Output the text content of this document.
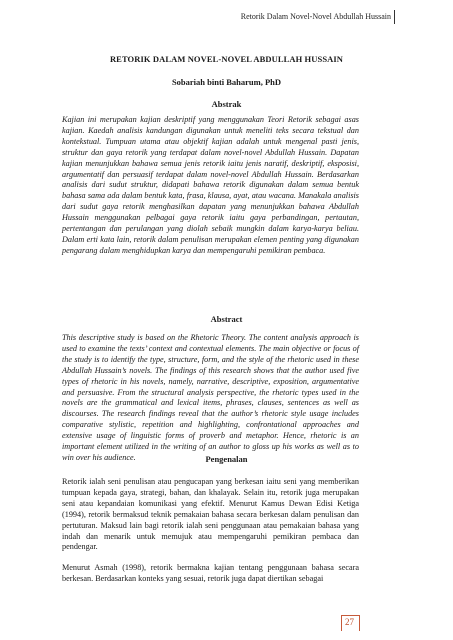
Retorik Dalam Novel-Novel Abdullah Hussain
RETORIK DALAM NOVEL-NOVEL ABDULLAH HUSSAIN
Sobariah binti Baharum, PhD
Abstrak

Kajian ini merupakan kajian deskriptif yang menggunakan Teori Retorik sebagai asas kajian. Kaedah analisis kandungan digunakan untuk meneliti teks secara tekstual dan kontekstual. Tumpuan utama atau objektif kajian adalah untuk mengenal pasti jenis, struktur dan gaya retorik yang terdapat dalam novel-novel Abdullah Hussain. Dapatan kajian menunjukkan bahawa semua jenis retorik iaitu jenis naratif, deskriptif, eksposisi, argumentatif dan persuasif terdapat dalam novel-novel Abdullah Hussain. Berdasarkan analisis dari sudut struktur, didapati bahawa retorik digunakan dalam semua bentuk bahasa sama ada dalam bentuk kata, frasa, klausa, ayat, atau wacana. Manakala analisis dari sudut gaya retorik menghasilkan dapatan yang menunjukkan bahawa Abdullah Hussain menggunakan pelbagai gaya retorik iaitu gaya perbandingan, pertautan, pertentangan dan perulangan yang diolah sebaik mungkin dalam karya-karya beliau. Dalam erti kata lain, retorik dalam penulisan merupakan elemen penting yang digunakan pengarang dalam menghidupkan karya dan mempengaruhi pemikiran pembaca.

Abstract

This descriptive study is based on the Rhetoric Theory. The content analysis approach is used to examine the texts’ context and contextual elements. The main objective or focus of the study is to identify the type, structure, form, and the style of the rhetoric used in these Abdullah Hussain’s novels. The findings of this research shows that the author used five types of rhetoric in his novels, namely, narrative, descriptive, exposition, argumentative and persuasive. From the structural analysis perspective, the rhetoric types used in the novels are the grammatical and lexical items, phrases, clauses, sentences as well as discourses. The research findings reveal that the author’s rhetoric style usage includes comparative stylistic, repetition and highlighting, confrontational approaches and extensive usage of linguistic forms of proverb and metaphor. Hence, rhetoric is an important element utilized in the writing of an author to gloss up his works as well as to win over his audience.	Pengenalan

Retorik ialah seni penulisan atau pengucapan yang berkesan iaitu seni yang memberikan tumpuan kepada gaya, strategi, bahan, dan khalayak. Selain itu, retorik juga merupakan seni atau kepandaian komunikasi yang efektif. Menurut Kamus Dewan Edisi Ketiga (1994), retorik bermaksud teknik pemakaian bahasa secara berkesan dalam penulisan dan pertuturan. Maksud lain bagi retorik ialah seni penggunaan atau pemakaian bahasa yang indah dan menarik untuk memujuk atau mempengaruhi pemikiran pembaca dan pendengar.

Menurut Asmah (1998), retorik bermakna kajian tentang penggunaan bahasa secara berkesan. Berdasarkan konteks yang sesuai, retorik juga dapat diertikan sebagai

27
